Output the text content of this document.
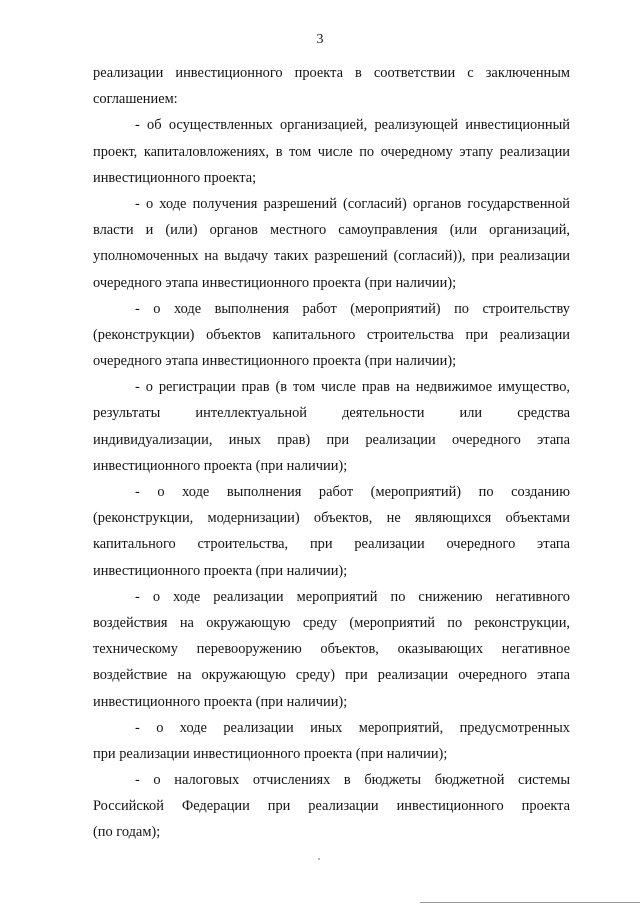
3
реализации инвестиционного проекта в соответствии с заключенным
соглашением:
- об осуществленных организацией, реализующей инвестиционный
проект, капиталовложениях, в том числе по очередному этапу реализации
инвестиционного проекта;
- о ходе получения разрешений (согласий) органов государственной
власти и (или) органов местного самоуправления (или организаций,
уполномоченных на выдачу таких разрешений (согласий)), при реализации
очередного этапа инвестиционного проекта (при наличии);
- о ходе выполнения работ (мероприятий) по строительству
(реконструкции) объектов капитального строительства при реализации
очередного этапа инвестиционного проекта (при наличии);
- о регистрации прав (в том числе прав на недвижимое имущество,
результаты интеллектуальной деятельности или средства
индивидуализации, иных прав) при реализации очередного этапа
инвестиционного проекта (при наличии);
- о ходе выполнения работ (мероприятий) по созданию
(реконструкции, модернизации) объектов, не являющихся объектами
капитального строительства, при реализации очередного этапа
инвестиционного проекта (при наличии);
- о ходе реализации мероприятий по снижению негативного
воздействия на окружающую среду (мероприятий по реконструкции,
техническому перевооружению объектов, оказывающих негативное
воздействие на окружающую среду) при реализации очередного этапа
инвестиционного проекта (при наличии);
- о ходе реализации иных мероприятий, предусмотренных
при реализации инвестиционного проекта (при наличии);
- о налоговых отчислениях в бюджеты бюджетной системы
Российской Федерации при реализации инвестиционного проекта
(по годам);
